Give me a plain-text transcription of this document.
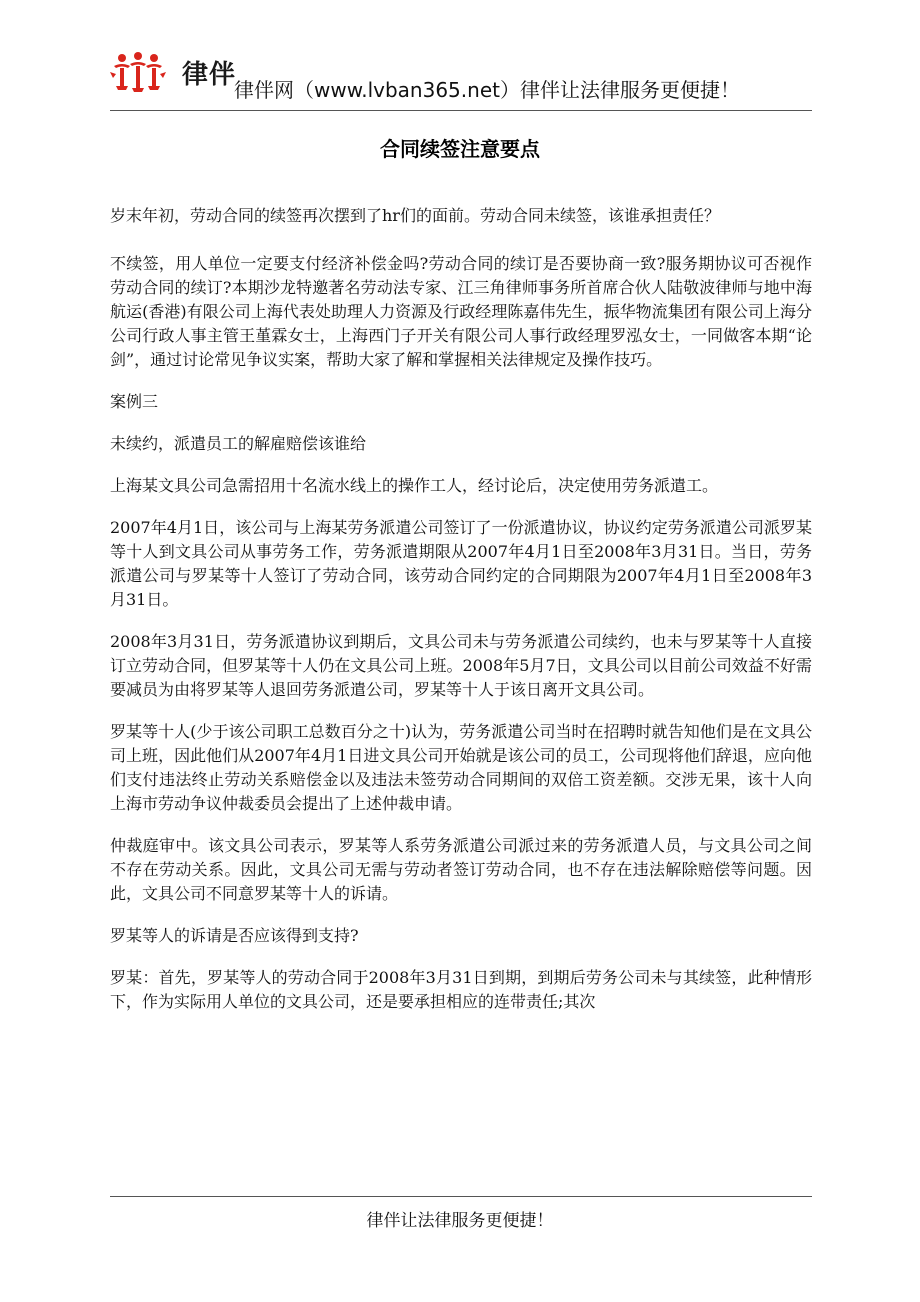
律伴
律伴网（www.lvban365.net）律伴让法律服务更便捷！
合同续签注意要点

岁末年初，劳动合同的续签再次摆到了hr们的面前。劳动合同未续签，该谁承担责任？

不续签，用人单位一定要支付经济补偿金吗?劳动合同的续订是否要协商一致?服务期协议可否视作劳动合同的续订?本期沙龙特邀著名劳动法专家、江三角律师事务所首席合伙人陆敬波律师与地中海航运(香港)有限公司上海代表处助理人力资源及行政经理陈嘉伟先生，振华物流集团有限公司上海分公司行政人事主管王堇霖女士，上海西门子开关有限公司人事行政经理罗泓女士，一同做客本期“论剑”，通过讨论常见争议实案，帮助大家了解和掌握相关法律规定及操作技巧。

案例三

未续约，派遣员工的解雇赔偿该谁给

上海某文具公司急需招用十名流水线上的操作工人，经讨论后，决定使用劳务派遣工。

2007年4月1日，该公司与上海某劳务派遣公司签订了一份派遣协议，协议约定劳务派遣公司派罗某等十人到文具公司从事劳务工作，劳务派遣期限从2007年4月1日至2008年3月31日。当日，劳务派遣公司与罗某等十人签订了劳动合同，该劳动合同约定的合同期限为2007年4月1日至2008年3月31日。

2008年3月31日，劳务派遣协议到期后，文具公司未与劳务派遣公司续约，也未与罗某等十人直接订立劳动合同，但罗某等十人仍在文具公司上班。2008年5月7日，文具公司以目前公司效益不好需要减员为由将罗某等人退回劳务派遣公司，罗某等十人于该日离开文具公司。

罗某等十人(少于该公司职工总数百分之十)认为，劳务派遣公司当时在招聘时就告知他们是在文具公司上班，因此他们从2007年4月1日进文具公司开始就是该公司的员工，公司现将他们辞退，应向他们支付违法终止劳动关系赔偿金以及违法未签劳动合同期间的双倍工资差额。交涉无果，该十人向上海市劳动争议仲裁委员会提出了上述仲裁申请。

仲裁庭审中。该文具公司表示，罗某等人系劳务派遣公司派过来的劳务派遣人员，与文具公司之间不存在劳动关系。因此，文具公司无需与劳动者签订劳动合同，也不存在违法解除赔偿等问题。因此，文具公司不同意罗某等十人的诉请。

罗某等人的诉请是否应该得到支持?

罗某：首先，罗某等人的劳动合同于2008年3月31日到期，到期后劳务公司未与其续签，此种情形下，作为实际用人单位的文具公司，还是要承担相应的连带责任;其次

律伴让法律服务更便捷！
